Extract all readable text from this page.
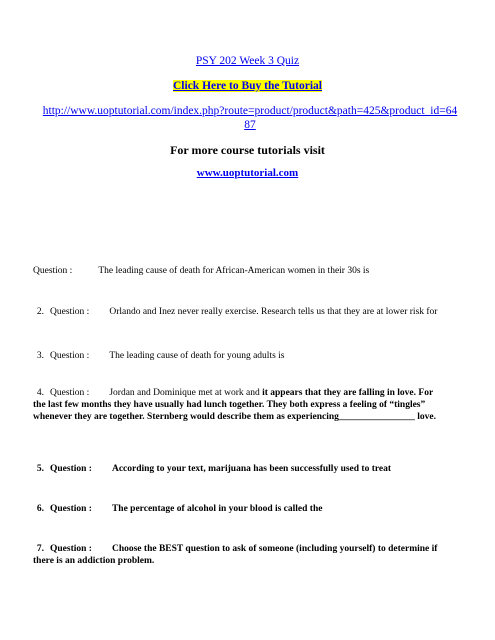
PSY 202 Week 3 Quiz
Click Here to Buy the Tutorial
http://www.uoptutorial.com/index.php?route=product/product&path=425&product_id=6487
For more course tutorials visit
www.uoptutorial.com
Question :	The leading cause of death for African-American women in their 30s is
2. Question : Orlando and Inez never really exercise. Research tells us that they are at lower risk for
3. Question : The leading cause of death for young adults is
4. Question : Jordan and Dominique met at work and it appears that they are falling in love. For the last few months they have usually had lunch together. They both express a feeling of “tingles” whenever they are together. Sternberg would describe them as experiencing________________ love.
5. Question : According to your text, marijuana has been successfully used to treat
6. Question : The percentage of alcohol in your blood is called the
7. Question : Choose the BEST question to ask of someone (including yourself) to determine if there is an addiction problem.
